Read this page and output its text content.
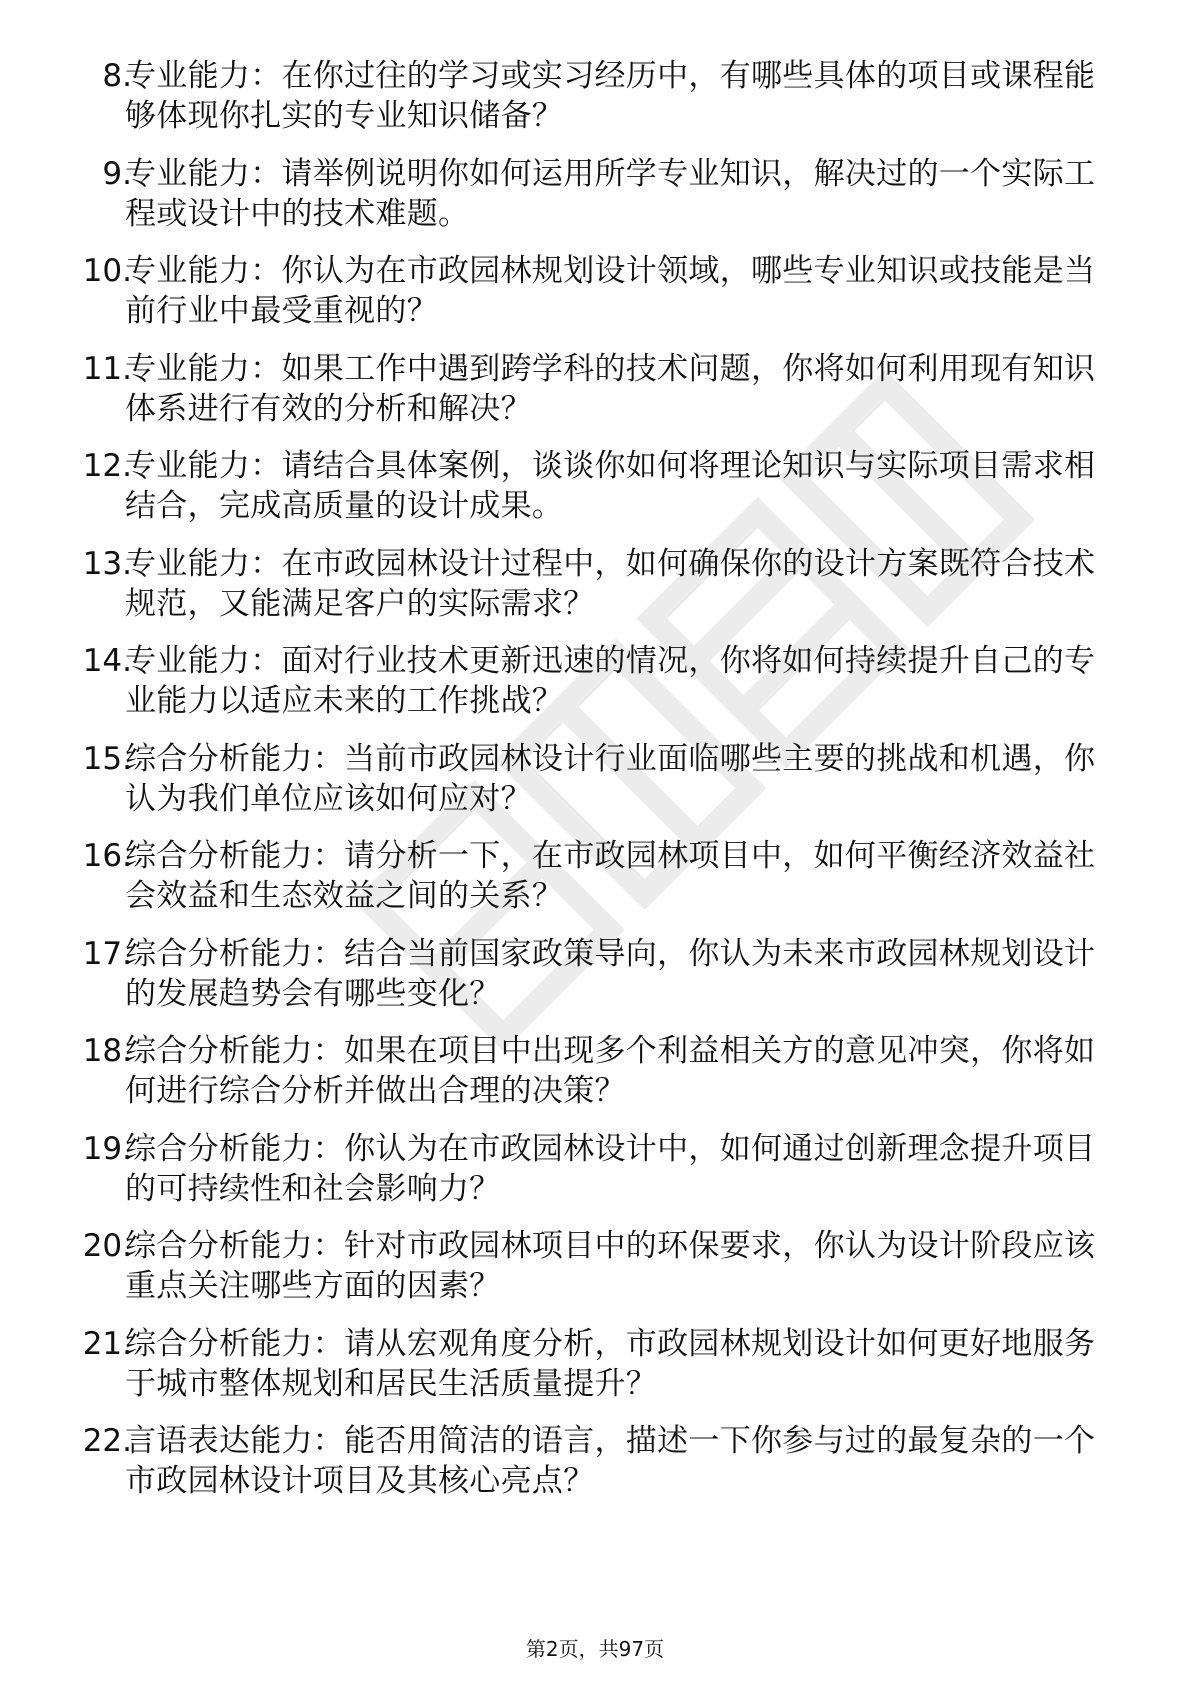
8.
专业能力：在你过往的学习或实习经历中，有哪些具体的项目或课程能够体现你扎实的专业知识储备？
9.
专业能力：请举例说明你如何运用所学专业知识，解决过的一个实际工程或设计中的技术难题。
10.
专业能力：你认为在市政园林规划设计领域，哪些专业知识或技能是当前行业中最受重视的？
11.
专业能力：如果工作中遇到跨学科的技术问题，你将如何利用现有知识体系进行有效的分析和解决？
12.
专业能力：请结合具体案例，谈谈你如何将理论知识与实际项目需求相结合，完成高质量的设计成果。
13.
专业能力：在市政园林设计过程中，如何确保你的设计方案既符合技术规范，又能满足客户的实际需求？
14.
专业能力：面对行业技术更新迅速的情况，你将如何持续提升自己的专业能力以适应未来的工作挑战？
15.
综合分析能力：当前市政园林设计行业面临哪些主要的挑战和机遇，你认为我们单位应该如何应对？
16.
综合分析能力：请分析一下，在市政园林项目中，如何平衡经济效益社会效益和生态效益之间的关系？
17.
综合分析能力：结合当前国家政策导向，你认为未来市政园林规划设计的发展趋势会有哪些变化？
18.
综合分析能力：如果在项目中出现多个利益相关方的意见冲突，你将如何进行综合分析并做出合理的决策？
19.
综合分析能力：你认为在市政园林设计中，如何通过创新理念提升项目的可持续性和社会影响力？
20.
综合分析能力：针对市政园林项目中的环保要求，你认为设计阶段应该重点关注哪些方面的因素？
21.
综合分析能力：请从宏观角度分析，市政园林规划设计如何更好地服务于城市整体规划和居民生活质量提升？
22.
言语表达能力：能否用简洁的语言，描述一下你参与过的最复杂的一个市政园林设计项目及其核心亮点？
第2页，共97页
